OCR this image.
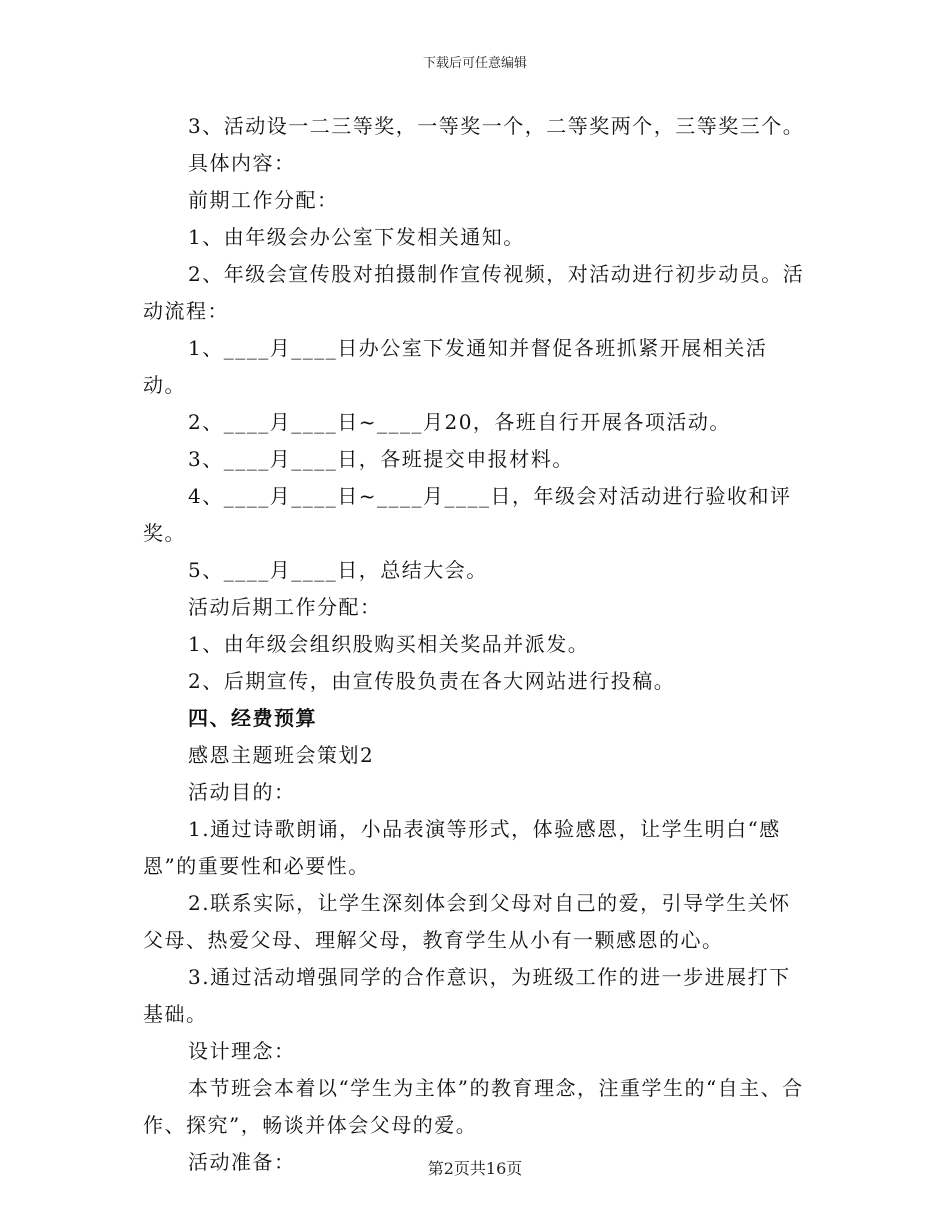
下载后可任意编辑

3、活动设一二三等奖，一等奖一个，二等奖两个，三等奖三个。

具体内容：

前期工作分配：

1、由年级会办公室下发相关通知。

2、年级会宣传股对拍摄制作宣传视频，对活动进行初步动员。活动流程：

1、____月____日办公室下发通知并督促各班抓紧开展相关活动。

2、____月____日~____月20，各班自行开展各项活动。

3、____月____日，各班提交申报材料。

4、____月____日~____月____日，年级会对活动进行验收和评奖。

5、____月____日，总结大会。

活动后期工作分配：

1、由年级会组织股购买相关奖品并派发。

2、后期宣传，由宣传股负责在各大网站进行投稿。

四、经费预算

感恩主题班会策划2

活动目的：

1.通过诗歌朗诵，小品表演等形式，体验感恩，让学生明白“感恩”的重要性和必要性。

2.联系实际，让学生深刻体会到父母对自己的爱，引导学生关怀父母、热爱父母、理解父母，教育学生从小有一颗感恩的心。

3.通过活动增强同学的合作意识，为班级工作的进一步进展打下基础。

设计理念：

本节班会本着以“学生为主体”的教育理念，注重学生的“自主、合作、探究”，畅谈并体会父母的爱。

活动准备：	第2页共16页
